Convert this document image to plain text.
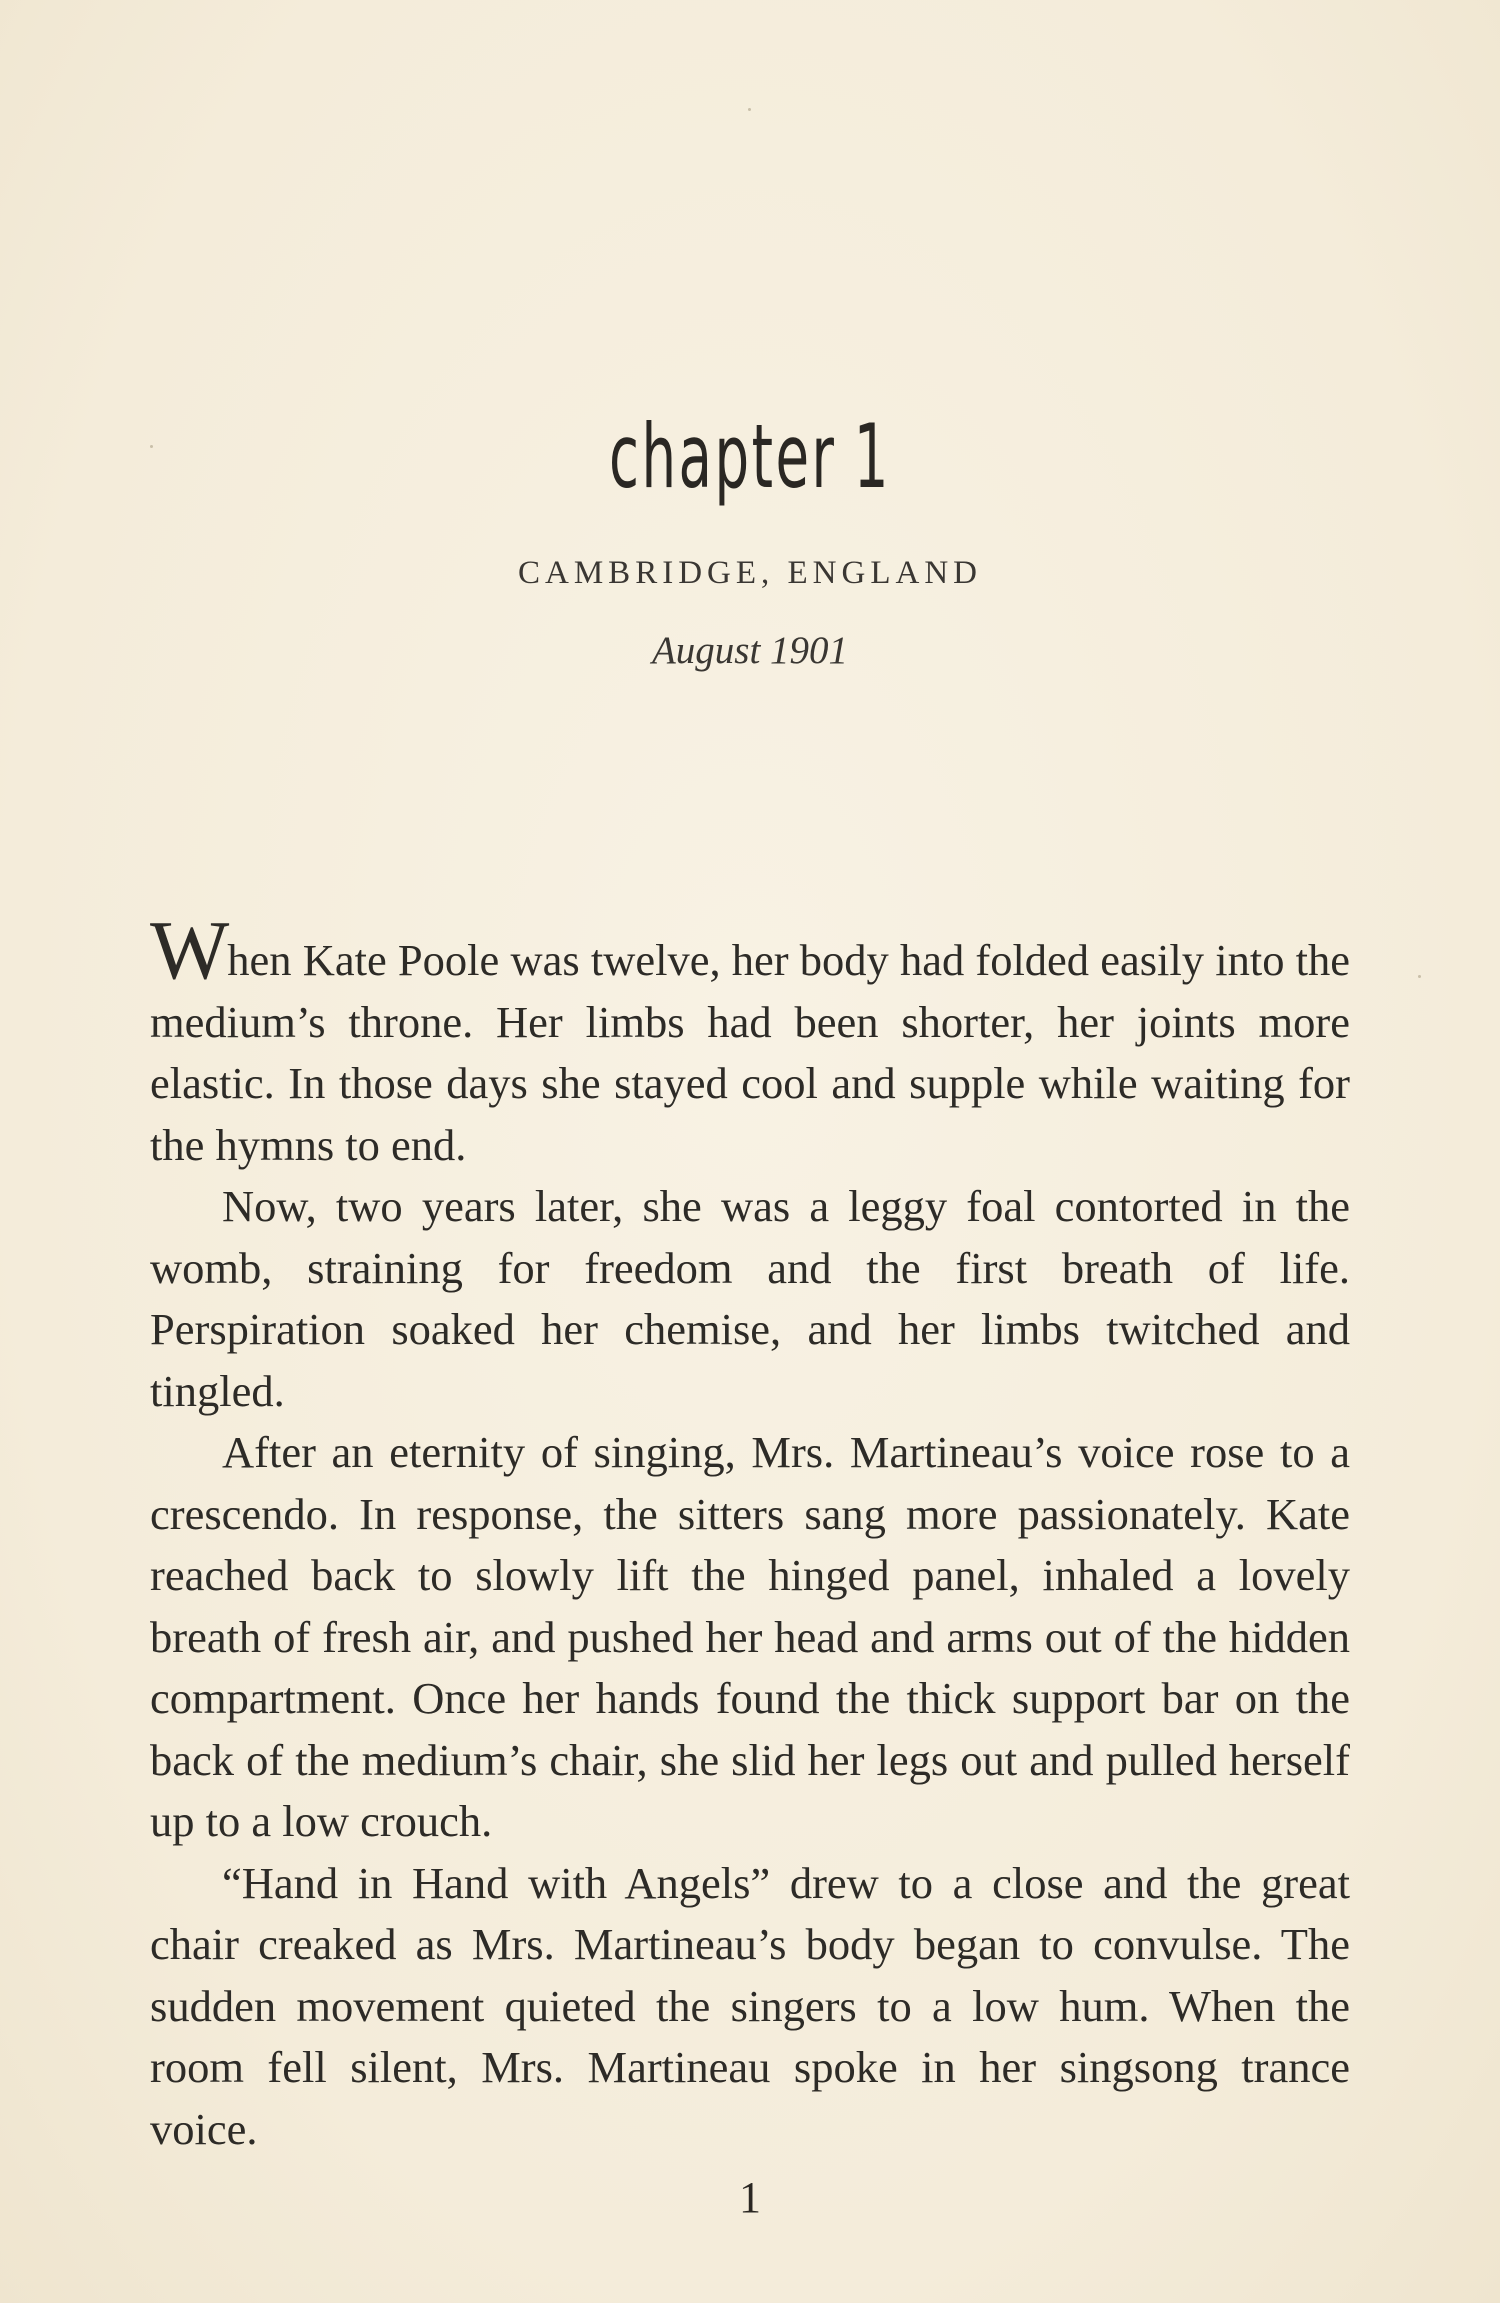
chapter 1
CAMBRIDGE, ENGLAND
August 1901

When Kate Poole was twelve, her body had folded easily into the medium’s throne. Her limbs had been shorter, her joints more elastic. In those days she stayed cool and supple while waiting for the hymns to end.

Now, two years later, she was a leggy foal contorted in the womb, straining for freedom and the first breath of life. Perspiration soaked her chemise, and her limbs twitched and tingled.

After an eternity of singing, Mrs. Martineau’s voice rose to a crescendo. In response, the sitters sang more passionately. Kate reached back to slowly lift the hinged panel, inhaled a lovely breath of fresh air, and pushed her head and arms out of the hidden compartment. Once her hands found the thick support bar on the back of the medium’s chair, she slid her legs out and pulled herself up to a low crouch.

“Hand in Hand with Angels” drew to a close and the great chair creaked as Mrs. Martineau’s body began to convulse. The sudden movement quieted the singers to a low hum. When the room fell silent, Mrs. Martineau spoke in her singsong trance voice.

1
